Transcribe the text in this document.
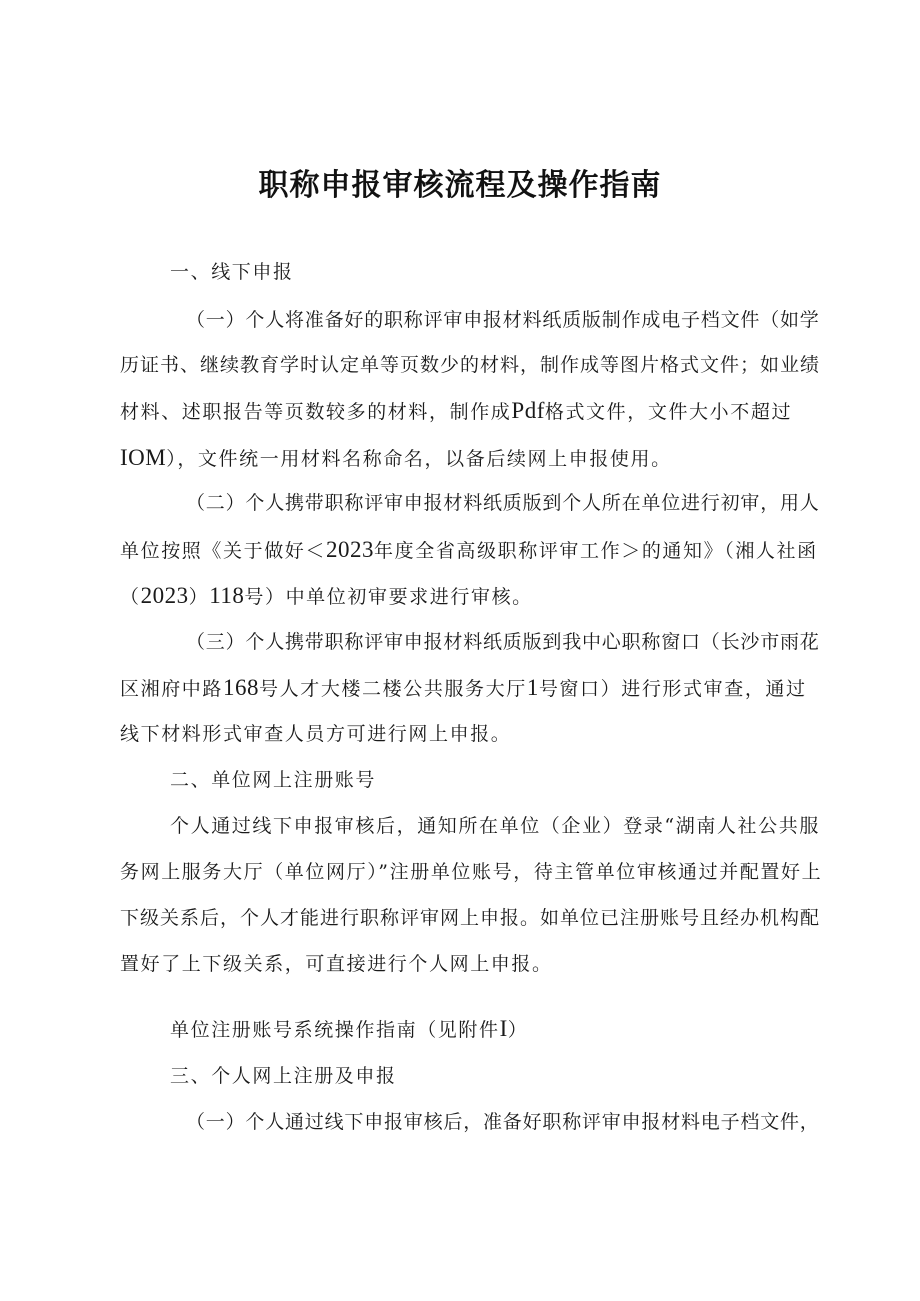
职称申报审核流程及操作指南
一、线下申报
（一）个人将准备好的职称评审申报材料纸质版制作成电子档文件（如学
历证书、继续教育学时认定单等页数少的材料，制作成等图片格式文件；如业绩
材料、述职报告等页数较多的材料，制作成Pdf格式文件，文件大小不超过
IOM），文件统一用材料名称命名，以备后续网上申报使用。
（二）个人携带职称评审申报材料纸质版到个人所在单位进行初审，用人
单位按照《关于做好＜2023年度全省高级职称评审工作＞的通知》（湘人社函
（2023）118号）中单位初审要求进行审核。
（三）个人携带职称评审申报材料纸质版到我中心职称窗口（长沙市雨花
区湘府中路168号人才大楼二楼公共服务大厅1号窗口）进行形式审查，通过
线下材料形式审查人员方可进行网上申报。
二、单位网上注册账号
个人通过线下申报审核后，通知所在单位（企业）登录“湖南人社公共服
务网上服务大厅（单位网厅）”注册单位账号，待主管单位审核通过并配置好上
下级关系后，个人才能进行职称评审网上申报。如单位已注册账号且经办机构配
置好了上下级关系，可直接进行个人网上申报。
单位注册账号系统操作指南（见附件I）
三、个人网上注册及申报
（一）个人通过线下申报审核后，准备好职称评审申报材料电子档文件，
